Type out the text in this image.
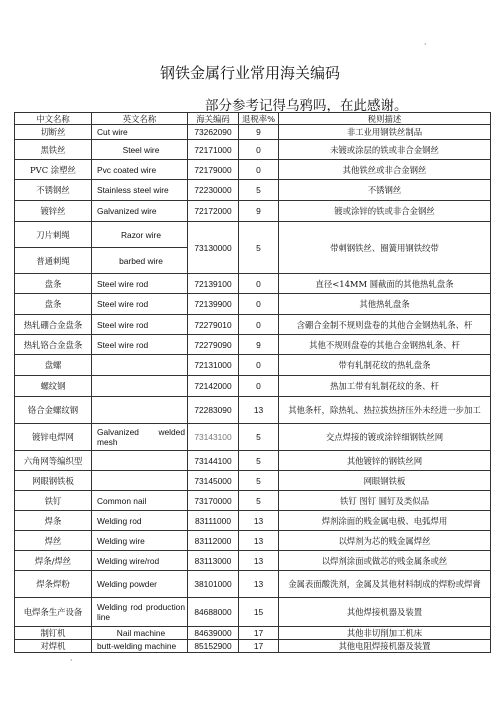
钢铁金属行业常用海关编码
部分参考记得乌鸦吗，在此感谢。
中文名称	英文名称	海关编码	退税率%	税则描述
切断丝	Cut wire	73262090	9	非工业用钢铁丝制品
黑铁丝	Steel wire	72171000	0	未镀或涂层的铁或非合金钢丝
PVC 涂塑丝	Pvc coated wire	72179000	0	其他铁丝或非合金钢丝
不锈钢丝	Stainless steel wire	72230000	5	不锈钢丝
镀锌丝	Galvanized wire	72172000	9	镀或涂锌的铁或非合金钢丝
刀片刺绳	Razor wire	73130000	5	带刺钢铁丝、圈簧用钢铁绞带
普通刺绳	barbed wire			
盘条	Steel wire rod	72139100	0	直径<14MM 圆截面的其他热轧盘条
盘条	Steel wire rod	72139900	0	其他热轧盘条
热轧硼合金盘条	Steel wire rod	72279010	0	含硼合金制不规则盘卷的其他合金钢热轧条、杆
热轧铬合金盘条	Steel wire rod	72279090	9	其他不规则盘卷的其他合金钢热轧条、杆
盘螺		72131000	0	带有轧制花纹的热轧盘条
螺纹钢		72142000	0	热加工带有轧制花纹的条、杆
铬合金螺纹钢		72283090	13	其他条杆，除热轧、热拉拔热挤压外未经进一步加工
镀锌电焊网	Galvanized welded mesh	73143100	5	交点焊接的镀或涂锌细钢铁丝网
六角网等编织型		73144100	5	其他镀锌的钢铁丝网
网眼钢铁板		73145000	5	网眼钢铁板
铁钉	Common nail	73170000	5	铁钉 图钉 圆钉及类似品
焊条	Welding rod	83111000	13	焊剂涂面的贱金属电极、电弧焊用
焊丝	Welding wire	83112000	13	以焊剂为芯的贱金属焊丝
焊条/焊丝	Welding wire/rod	83113000	13	以焊剂涂面或做芯的贱金属条或丝
焊条焊粉	Welding powder	38101000	13	金属表面酸洗剂，金属及其他材料制成的焊粉或焊膏
电焊条生产设备	Welding rod production line	84688000	15	其他焊接机器及装置
制钉机	Nail machine	84639000	17	其他非切削加工机床
对焊机	butt-welding machine	85152900	17	其他电阻焊接机器及装置
·
·
